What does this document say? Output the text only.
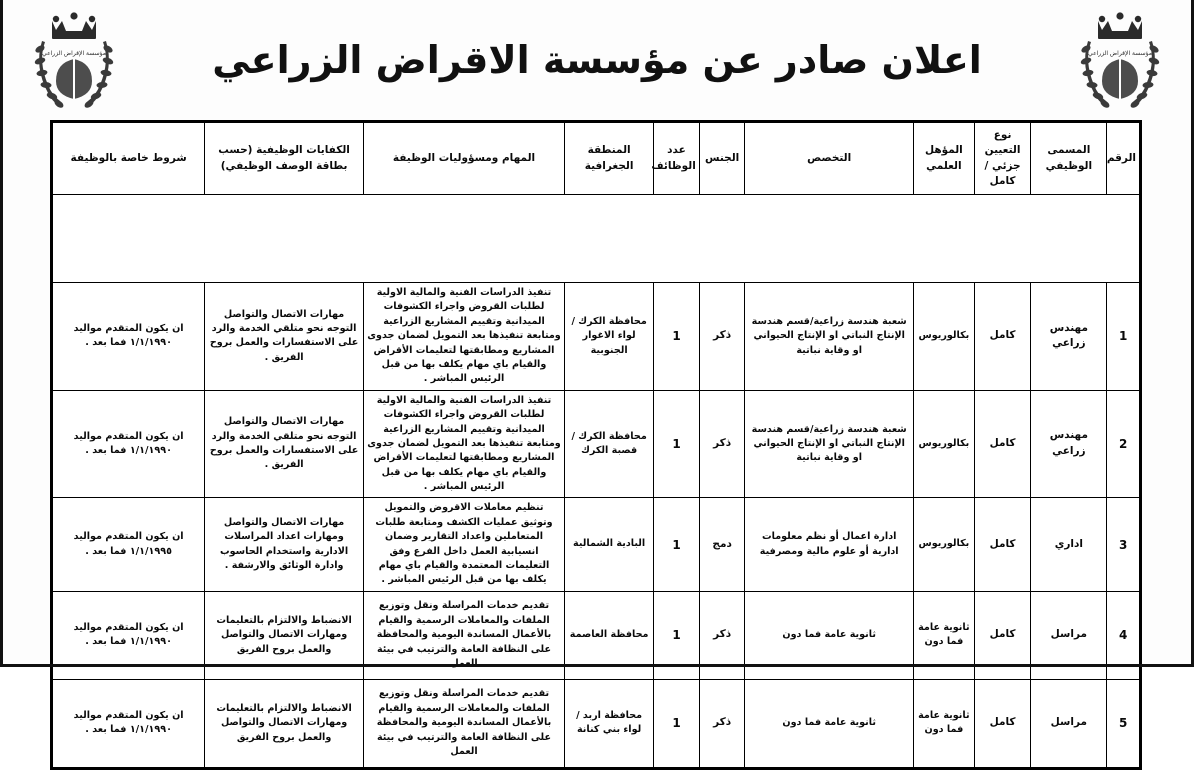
مؤسسة الإقراض الزراعي
اعلان صادر عن مؤسسة الاقراض الزراعي
مؤسسة الإقراض الزراعي

الرقم	المسمى الوظيفي	نوع التعيين جزئي / كامل	المؤهل العلمي	التخصص	الجنس	عدد الوظائف	المنطقة الجغرافية	المهام ومسؤوليات الوظيفة	الكفايات الوظيفية (حسب بطاقة الوصف الوظيفي)	شروط خاصة بالوظيفة
1	مهندس زراعي	كامل	بكالوريوس	شعبة هندسة زراعية/قسم هندسة الإنتاج النباتي او الإنتاج الحيواني او وقاية نباتية	ذكر	1	محافظة الكرك / لواء الاغوار الجنوبية	تنفيذ الدراسات الفنية والمالية الاولية لطلبات القروض واجراء الكشوفات الميدانية وتقييم المشاريع الزراعية ومتابعة تنفيذها بعد التمويل لضمان جدوى المشاريع ومطابقتها لتعليمات الأقراض والقيام باي مهام يكلف بها من قبل الرئيس المباشر .	مهارات الاتصال والتواصل التوجه نحو متلقي الخدمة والرد على الاستفسارات والعمل بروح الفريق .	ان يكون المتقدم مواليد ١/١/١٩٩٠ فما بعد .
2	مهندس زراعي	كامل	بكالوريوس	شعبة هندسة زراعية/قسم هندسة الإنتاج النباتي او الإنتاج الحيواني او وقاية نباتية	ذكر	1	محافظة الكرك / قصبة الكرك	تنفيذ الدراسات الفنية والمالية الاولية لطلبات القروض واجراء الكشوفات الميدانية وتقييم المشاريع الزراعية ومتابعة تنفيذها بعد التمويل لضمان جدوى المشاريع ومطابقتها لتعليمات الأقراض والقيام باي مهام يكلف بها من قبل الرئيس المباشر .	مهارات الاتصال والتواصل التوجه نحو متلقي الخدمة والرد على الاستفسارات والعمل بروح الفريق .	ان يكون المتقدم مواليد ١/١/١٩٩٠ فما بعد .
3	اداري	كامل	بكالوريوس	ادارة اعمال أو نظم معلومات ادارية أو علوم مالية ومصرفية	دمج	1	البادية الشمالية	تنظيم معاملات الاقروض والتمويل وتوثيق عمليات الكشف ومتابعة طلبات المتعاملين واعداد التقارير وضمان انسيابية العمل داخل الفرع وفق التعليمات المعتمدة والقيام باي مهام يكلف بها من قبل الرئيس المباشر .	مهارات الاتصال والتواصل ومهارات اعداد المراسلات الادارية واستخدام الحاسوب وادارة الوثائق والارشفة .	ان يكون المتقدم مواليد ١/١/١٩٩٥ فما بعد .
4	مراسل	كامل	ثانوية عامة فما دون	ثانوية عامة فما دون	ذكر	1	محافظة العاصمة	تقديم خدمات المراسلة ونقل وتوزيع الملفات والمعاملات الرسمية والقيام بالأعمال المساندة اليومية والمحافظة على النظافة العامة والترتيب في بيئة	الانضباط والالتزام بالتعليمات ومهارات الاتصال والتواصل والعمل بروح الفريق	ان يكون المتقدم مواليد ١/١/١٩٩٠ فما بعد .
5	مراسل	كامل	ثانوية عامة فما دون	ثانوية عامة فما دون	ذكر	1	محافظة اربد / لواء بني كنانة	تقديم خدمات المراسلة ونقل وتوزيع الملفات والمعاملات الرسمية والقيام بالأعمال المساندة اليومية والمحافظة على النظافة العامة والترتيب في بيئة العمل	الانضباط والالتزام بالتعليمات ومهارات الاتصال والتواصل والعمل بروح الفريق	ان يكون المتقدم مواليد ١/١/١٩٩٠ فما بعد .
